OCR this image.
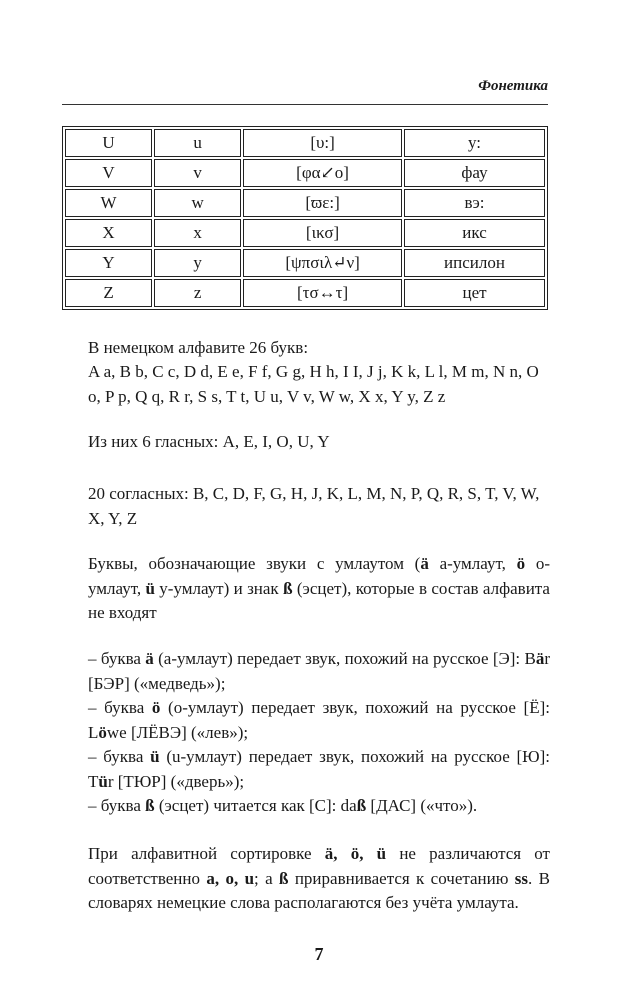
Фонетика
U	u	[υ:]	у:
V	v	[φα↙ο]	фау
W	w	[ϖε:]	вэ:
X	x	[ικσ]	икс
Y	y	[ψπσιλ↵ν]	ипсилон
Z	z	[τσ↔τ]	цет
В немецком алфавите 26 букв:
A a, B b, C c, D d, E e, F f, G g, H h, I I, J j, K k, L l, M m, N n, O o, P p, Q q, R r, S s, T t, U u, V v, W w, X x, Y y, Z z
Из них 6 гласных: A, E, I, O, U, Y
20 согласных: B, C, D, F, G, H, J, K, L, M, N, P, Q, R, S, T, V, W, X, Y, Z
Буквы, обозначающие звуки с умлаутом (ä а-умлаут, ö о-умлаут, ü у-умлаут) и знак ß (эсцет), которые в состав алфавита не входят
– буква ä (а-умлаут) передает звук, похожий на русское [Э]: Bär [БЭР] («медведь»);
– буква ö (о-умлаут) передает звук, похожий на русское [Ё]: Löwe [ЛЁВЭ] («лев»);
– буква ü (u-умлаут) передает звук, похожий на русское [Ю]: Tür [ТЮР] («дверь»);
– буква ß (эсцет) читается как [С]: daß [ДАС] («что»).
При алфавитной сортировке ä, ö, ü не различаются от соответственно a, o, u; а ß приравнивается к сочетанию ss. В словарях немецкие слова располагаются без учёта умлаута.
7
